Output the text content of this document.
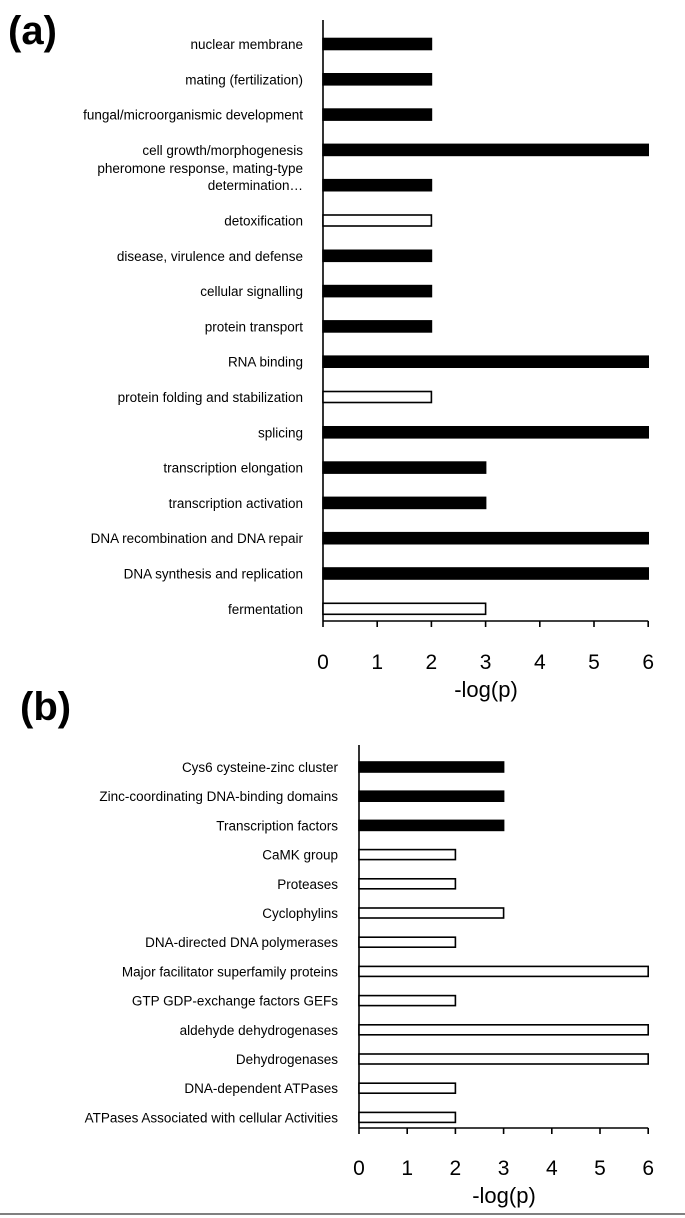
(a)	nuclear membrane
mating (fertilization)
fungal/microorganismic development
cell growth/morphogenesis
pheromone response, mating-type
determination…
detoxification
disease, virulence and defense
cellular signalling
protein transport
RNA binding
protein folding and stabilization
splicing
transcription elongation
transcription activation
DNA recombination and DNA repair
DNA synthesis and replication
fermentation
0 1 2 3 4 5 6
-log(p)
(b)
Cys6 cysteine-zinc cluster
Zinc-coordinating DNA-binding domains
Transcription factors
CaMK group
Proteases
Cyclophylins
DNA-directed DNA polymerases
Major facilitator superfamily proteins
GTP GDP-exchange factors GEFs
aldehyde dehydrogenases
Dehydrogenases
DNA-dependent ATPases
ATPases Associated with cellular Activities
0 1 2 3 4 5 6
-log(p)
